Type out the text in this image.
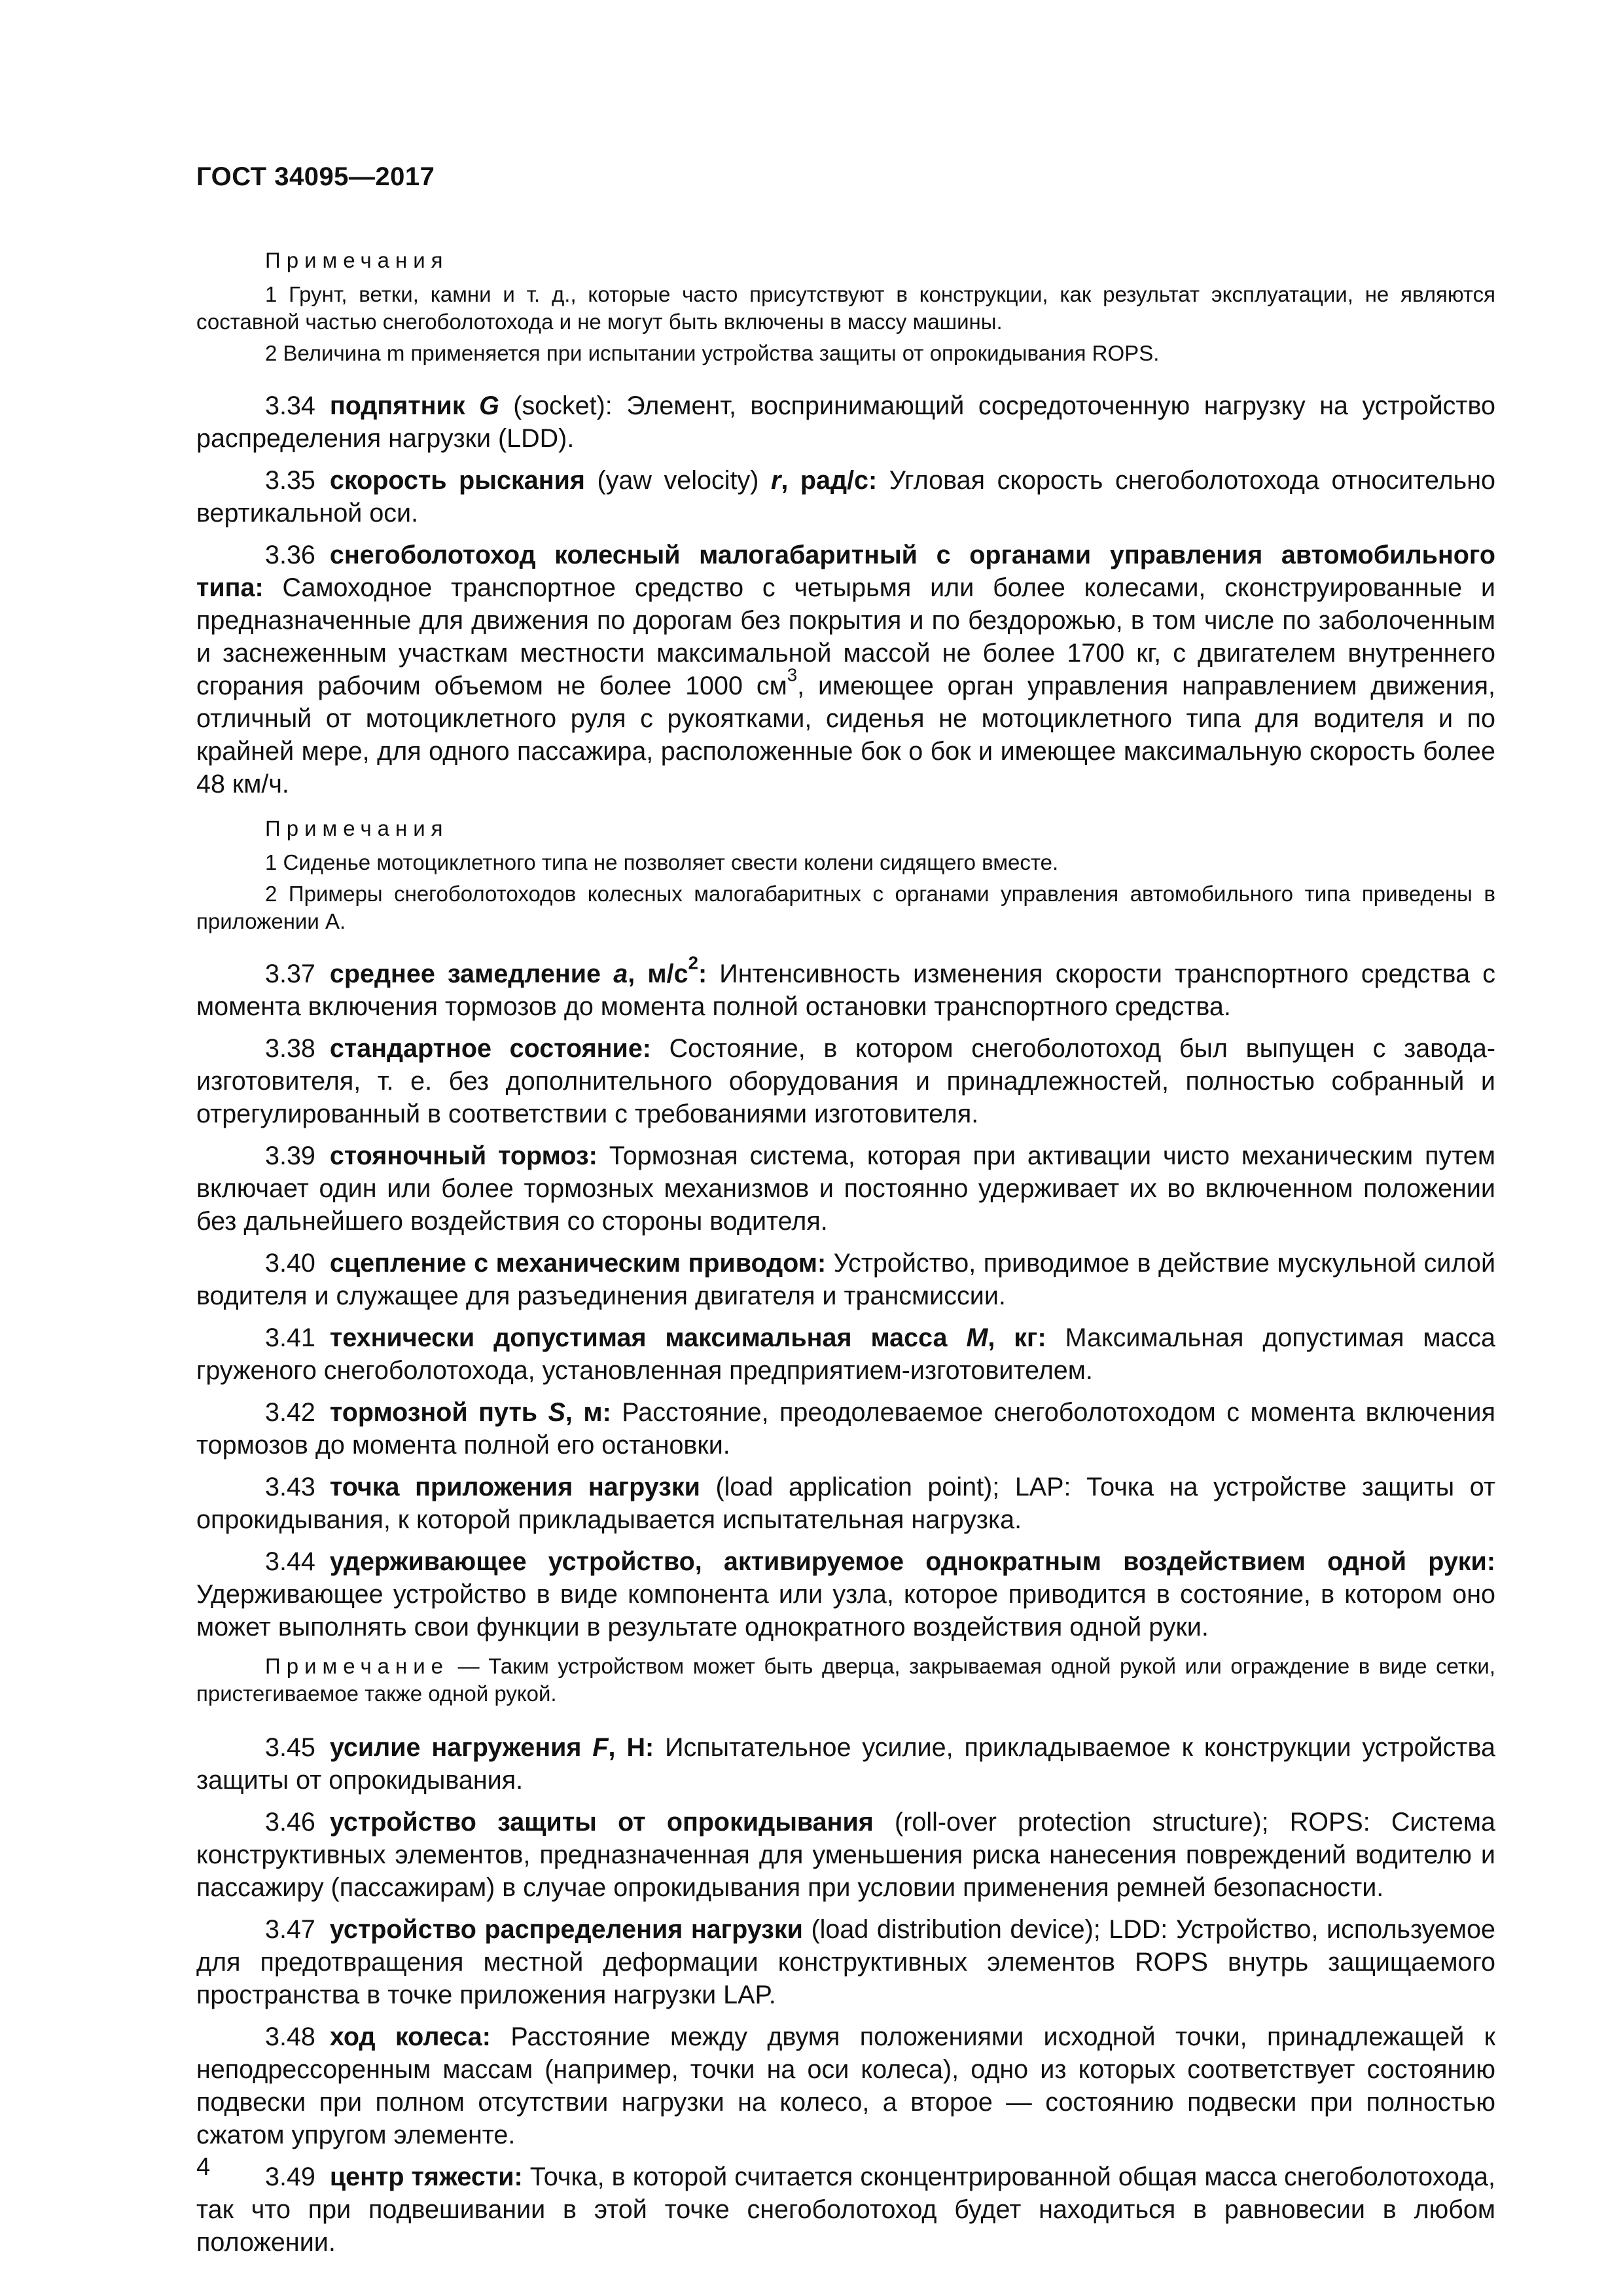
ГОСТ 34095—2017
Примечания

1 Грунт, ветки, камни и т. д., которые часто присутствуют в конструкции, как результат эксплуатации, не являются составной частью снегоболотохода и не могут быть включены в массу машины.

2 Величина m применяется при испытании устройства защиты от опрокидывания ROPS.

3.34 подпятник G (socket): Элемент, воспринимающий сосредоточенную нагрузку на устройство распределения нагрузки (LDD).

3.35 скорость рыскания (yaw velocity) r, рад/с: Угловая скорость снегоболотохода относительно вертикальной оси.

3.36 снегоболотоход колесный малогабаритный с органами управления автомобильного типа: Самоходное транспортное средство с четырьмя или более колесами, сконструированные и предназначенные для движения по дорогам без покрытия и по бездорожью, в том числе по заболоченным и заснеженным участкам местности максимальной массой не более 1700 кг, с двигателем внутреннего сгорания рабочим объемом не более 1000 $см^3$, имеющее орган управления направлением движения, отличный от мотоциклетного руля с рукоятками, сиденья не мотоциклетного типа для водителя и по крайней мере, для одного пассажира, расположенные бок о бок и имеющее максимальную скорость более 48 км/ч.

Примечания

1 Сиденье мотоциклетного типа не позволяет свести колени сидящего вместе.

2 Примеры снегоболотоходов колесных малогабаритных с органами управления автомобильного типа приведены в приложении А.

3.37 среднее замедление a, $м/с^2$: Интенсивность изменения скорости транспортного средства с момента включения тормозов до момента полной остановки транспортного средства.

3.38 стандартное состояние: Состояние, в котором снегоболотоход был выпущен с завода-изготовителя, т. е. без дополнительного оборудования и принадлежностей, полностью собранный и отрегулированный в соответствии с требованиями изготовителя.

3.39 стояночный тормоз: Тормозная система, которая при активации чисто механическим путем включает один или более тормозных механизмов и постоянно удерживает их во включенном положении без дальнейшего воздействия со стороны водителя.

3.40 сцепление с механическим приводом: Устройство, приводимое в действие мускульной силой водителя и служащее для разъединения двигателя и трансмиссии.

3.41 технически допустимая максимальная масса M, кг: Максимальная допустимая масса груженого снегоболотохода, установленная предприятием-изготовителем.

3.42 тормозной путь S, м: Расстояние, преодолеваемое снегоболотоходом с момента включения тормозов до момента полной его остановки.

3.43 точка приложения нагрузки (load application point); LAP: Точка на устройстве защиты от опрокидывания, к которой прикладывается испытательная нагрузка.

3.44 удерживающее устройство, активируемое однократным воздействием одной руки: Удерживающее устройство в виде компонента или узла, которое приводится в состояние, в котором оно может выполнять свои функции в результате однократного воздействия одной руки.

Примечание — Таким устройством может быть дверца, закрываемая одной рукой или ограждение в виде сетки, пристегиваемое также одной рукой.

3.45 усилие нагружения F, Н: Испытательное усилие, прикладываемое к конструкции устройства защиты от опрокидывания.

3.46 устройство защиты от опрокидывания (roll-over protection structure); ROPS: Система конструктивных элементов, предназначенная для уменьшения риска нанесения повреждений водителю и пассажиру (пассажирам) в случае опрокидывания при условии применения ремней безопасности.

3.47 устройство распределения нагрузки (load distribution device); LDD: Устройство, используемое для предотвращения местной деформации конструктивных элементов ROPS внутрь защищаемого пространства в точке приложения нагрузки LAP.

3.48 ход колеса: Расстояние между двумя положениями исходной точки, принадлежащей к неподрессоренным массам (например, точки на оси колеса), одно из которых соответствует состоянию подвески при полном отсутствии нагрузки на колесо, а второе — состоянию подвески при полностью сжатом упругом элементе.

3.49 центр тяжести: Точка, в которой считается сконцентрированной общая масса снегоболотохода, так что при подвешивании в этой точке снегоболотоход будет находиться в равновесии в любом положении.

4
